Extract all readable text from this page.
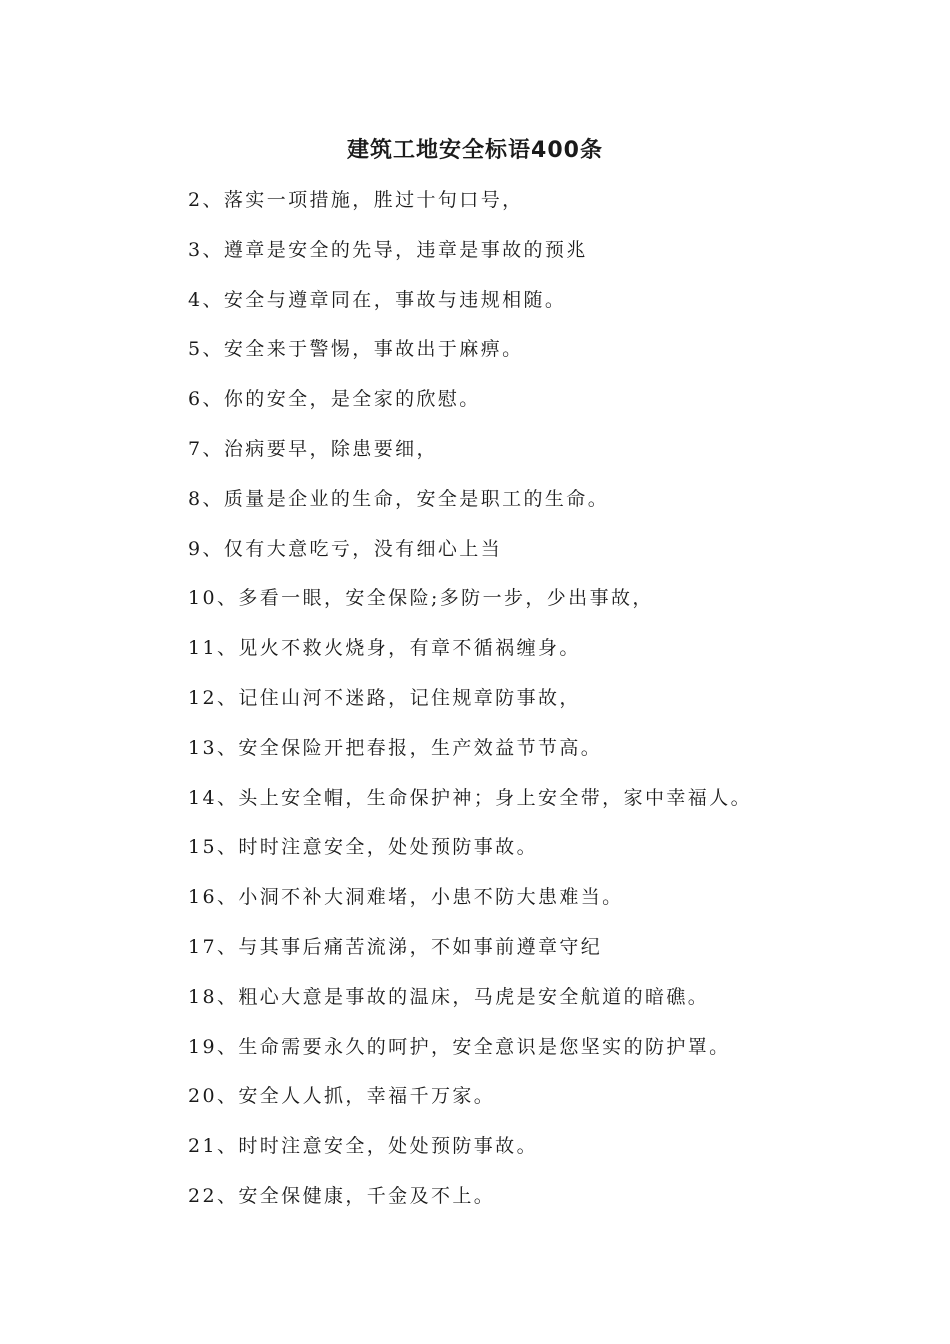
建筑工地安全标语400条
2、落实一项措施，胜过十句口号，
3、遵章是安全的先导，违章是事故的预兆
4、安全与遵章同在，事故与违规相随。
5、安全来于警惕，事故出于麻痹。
6、你的安全，是全家的欣慰。
7、治病要早，除患要细，
8、质量是企业的生命，安全是职工的生命。
9、仅有大意吃亏，没有细心上当
10、多看一眼，安全保险;多防一步，少出事故，
11、见火不救火烧身，有章不循祸缠身。
12、记住山河不迷路，记住规章防事故，
13、安全保险开把春报，生产效益节节高。
14、头上安全帽，生命保护神；身上安全带，家中幸福人。
15、时时注意安全，处处预防事故。
16、小洞不补大洞难堵，小患不防大患难当。
17、与其事后痛苦流涕，不如事前遵章守纪
18、粗心大意是事故的温床，马虎是安全航道的暗礁。
19、生命需要永久的呵护，安全意识是您坚实的防护罩。
20、安全人人抓，幸福千万家。
21、时时注意安全，处处预防事故。
22、安全保健康，千金及不上。
